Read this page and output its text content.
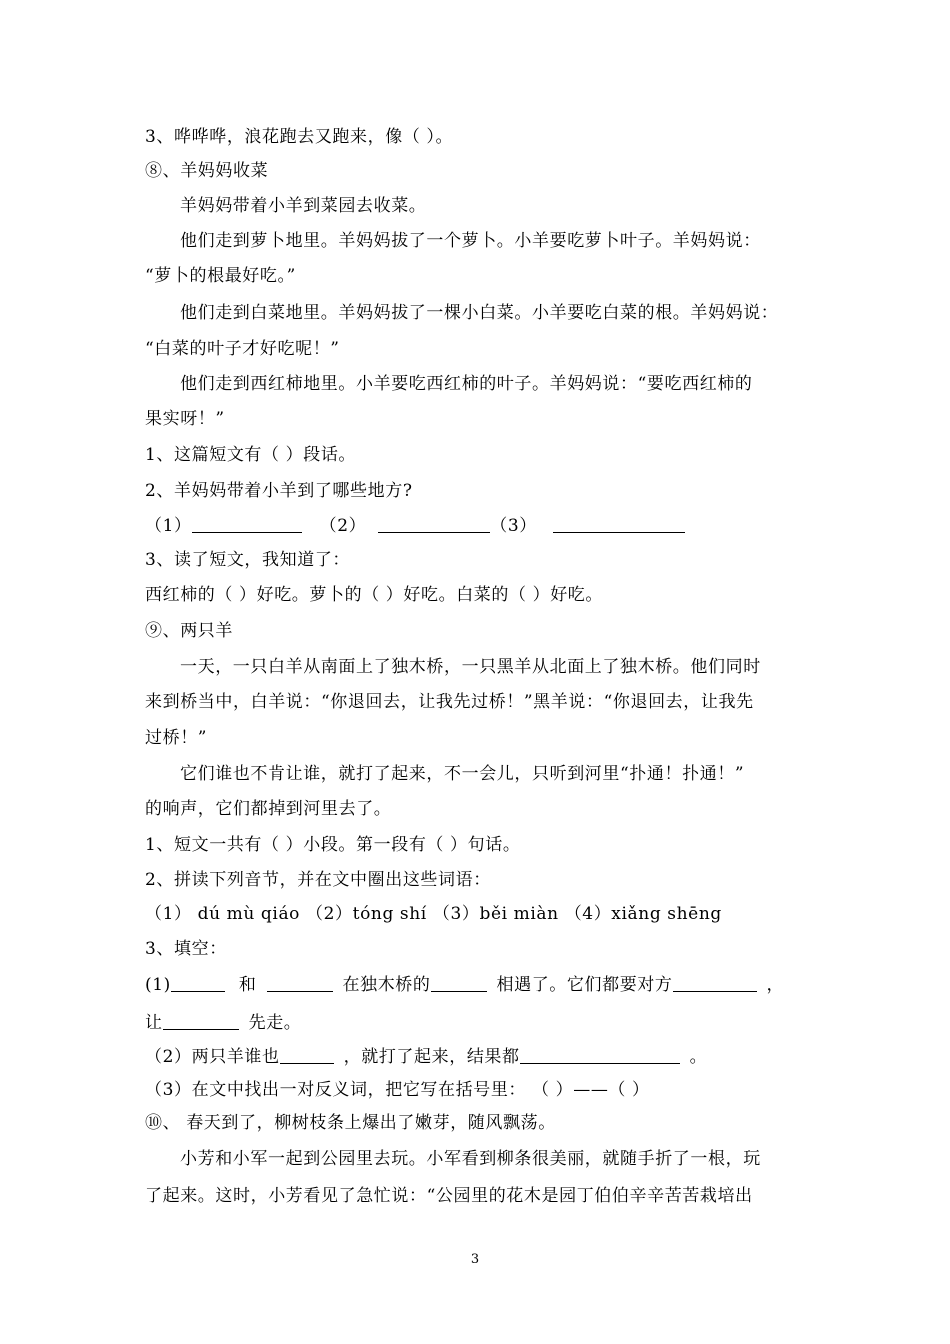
3、哗哗哗，浪花跑去又跑来，像（ ）。
⑧、羊妈妈收菜
羊妈妈带着小羊到菜园去收菜。
他们走到萝卜地里。羊妈妈拔了一个萝卜。小羊要吃萝卜叶子。羊妈妈说：
“萝卜的根最好吃。”
他们走到白菜地里。羊妈妈拔了一棵小白菜。小羊要吃白菜的根。羊妈妈说：
“白菜的叶子才好吃呢！”
他们走到西红柿地里。小羊要吃西红柿的叶子。羊妈妈说：“要吃西红柿的
果实呀！”
1、这篇短文有（ ）段话。
2、羊妈妈带着小羊到了哪些地方?
（1）	（2）	（3）
3、读了短文，我知道了：
西红柿的（ ）好吃。萝卜的（ ）好吃。白菜的（ ）好吃。
⑨、两只羊
一天，一只白羊从南面上了独木桥，一只黑羊从北面上了独木桥。他们同时
来到桥当中，白羊说：“你退回去，让我先过桥！”黑羊说：“你退回去，让我先
过桥！”
它们谁也不肯让谁，就打了起来，不一会儿，只听到河里“扑通！扑通！”
的响声，它们都掉到河里去了。
1、短文一共有（ ）小段。第一段有（ ）句话。
2、拼读下列音节，并在文中圈出这些词语：
（1） dú mù qiáo （2）tóng shí （3）běi miàn （4）xiǎng shēng
3、填空：
(1)	和	在独木桥的	相遇了。它们都要对方	，
让	先走。
（2）两只羊谁也	，就打了起来，结果都	。
（3）在文中找出一对反义词，把它写在括号里： （ ）——（ ）
⑩、 春天到了，柳树枝条上爆出了嫩芽，随风飘荡。
小芳和小军一起到公园里去玩。小军看到柳条很美丽，就随手折了一根，玩
了起来。这时，小芳看见了急忙说：“公园里的花木是园丁伯伯辛辛苦苦栽培出
3
